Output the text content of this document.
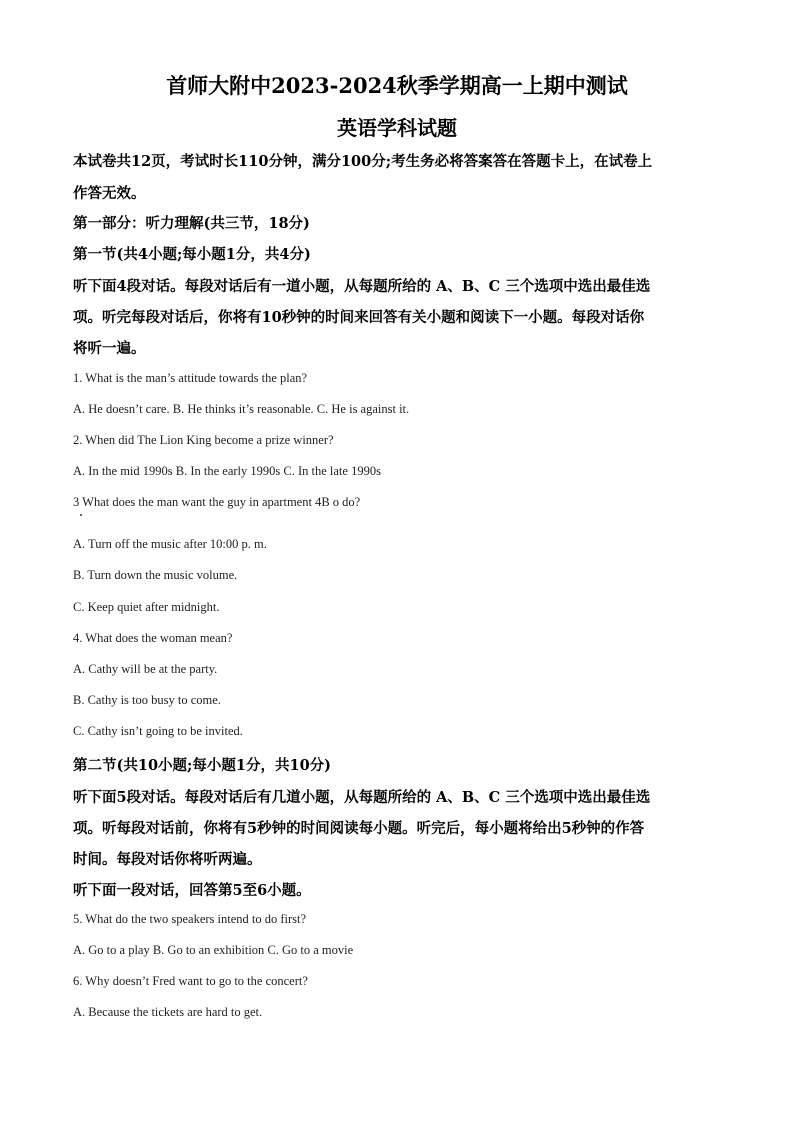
首师大附中2023-2024秋季学期高一上期中测试
英语学科试题
本试卷共12页，考试时长110分钟，满分100分;考生务必将答案答在答题卡上，在试卷上
作答无效。
第一部分：听力理解(共三节，18分)
第一节(共4小题;每小题1分，共4分)
听下面4段对话。每段对话后有一道小题，从每题所给的 A、B、C 三个选项中选出最佳选
项。听完每段对话后，你将有10秒钟的时间来回答有关小题和阅读下一小题。每段对话你
将听一遍。
1. What is the man’s attitude towards the plan?
A. He doesn’t care. B. He thinks it’s reasonable. C. He is against it.
2. When did The Lion King become a prize winner?
A. In the mid 1990s B. In the early 1990s C. In the late 1990s
3 What does the man want the guy in apartment 4B o do?
A. Turn off the music after 10:00 p. m.
B. Turn down the music volume.
C. Keep quiet after midnight.
4. What does the woman mean?
A. Cathy will be at the party.
B. Cathy is too busy to come.
C. Cathy isn’t going to be invited.
第二节(共10小题;每小题1分，共10分)
听下面5段对话。每段对话后有几道小题，从每题所给的 A、B、C 三个选项中选出最佳选
项。听每段对话前，你将有5秒钟的时间阅读每小题。听完后，每小题将给出5秒钟的作答
时间。每段对话你将听两遍。
听下面一段对话，回答第5至6小题。
5. What do the two speakers intend to do first?
A. Go to a play B. Go to an exhibition C. Go to a movie
6. Why doesn’t Fred want to go to the concert?
A. Because the tickets are hard to get.
